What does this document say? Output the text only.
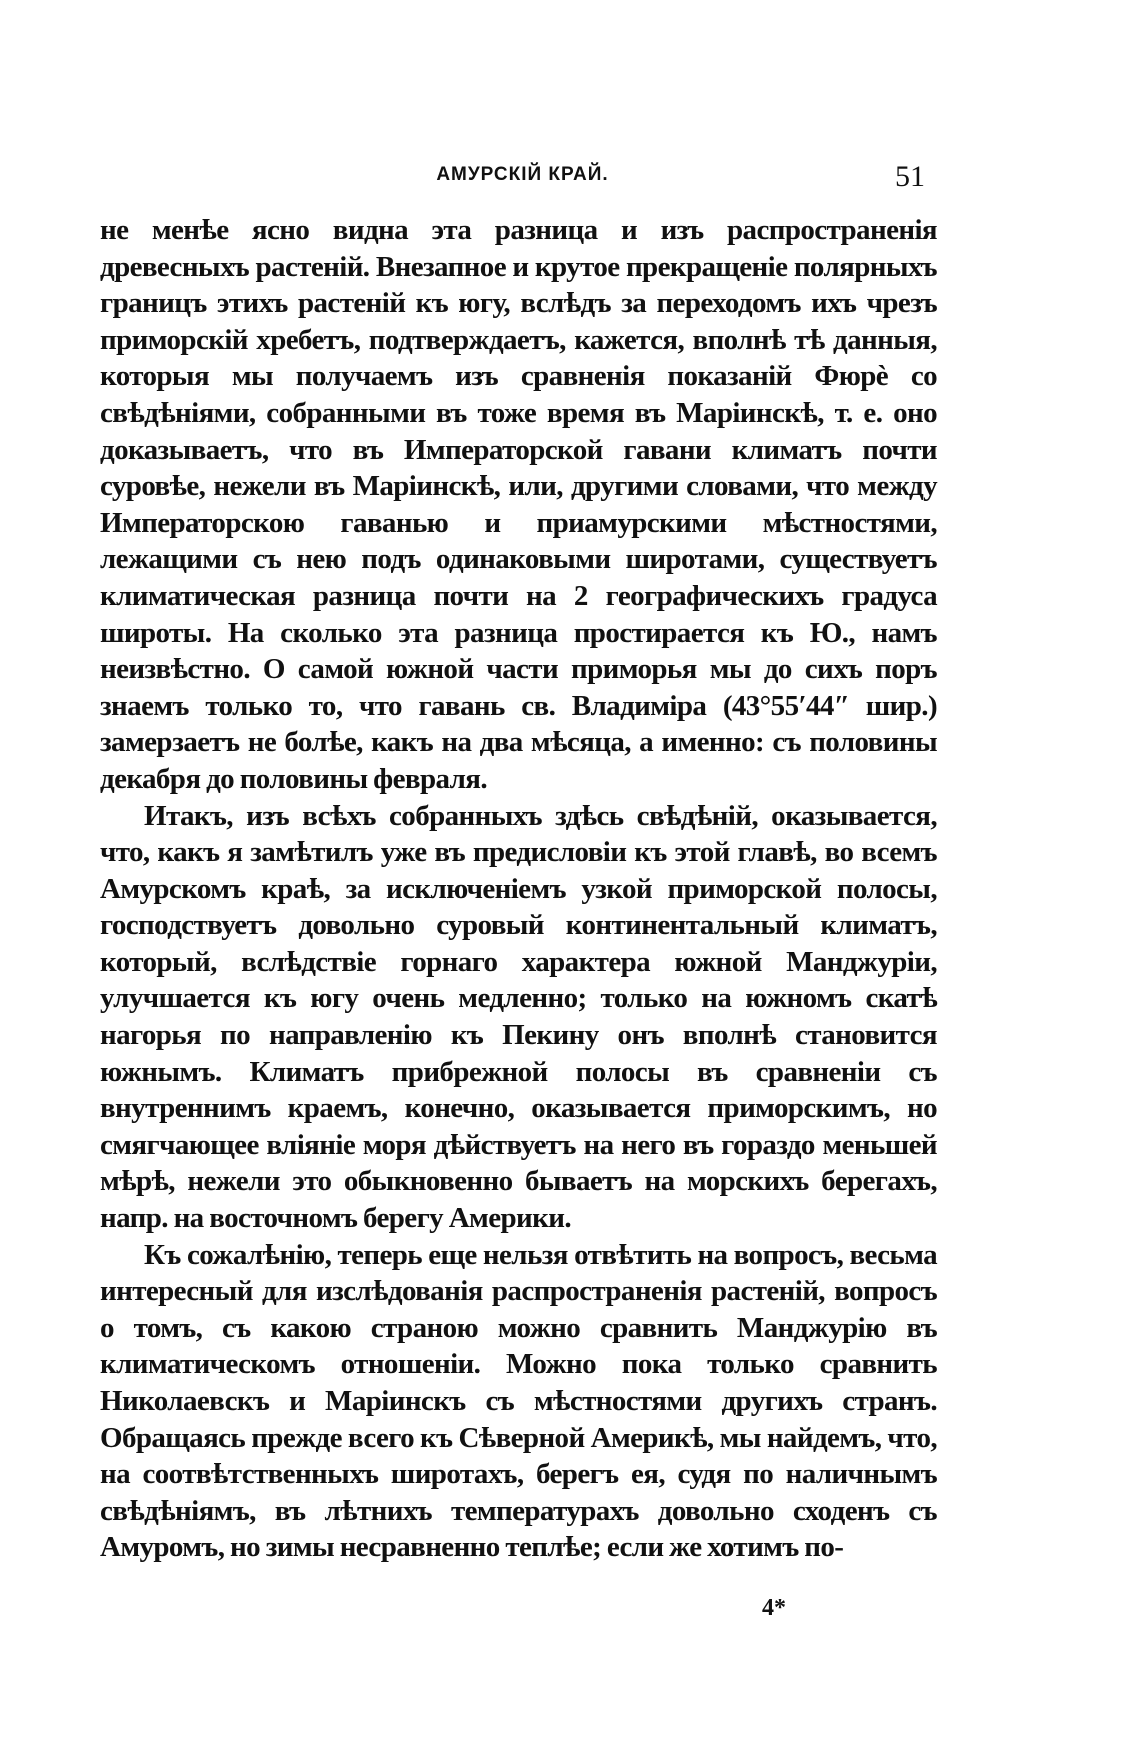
АМУРСКІЙ КРАЙ.	51

не менѣе ясно видна эта разница и изъ распространенія древесныхъ растеній. Внезапное и крутое прекращеніе полярныхъ границъ этихъ растеній къ югу, вслѣдъ за переходомъ ихъ чрезъ приморскій хребетъ, подтверждаетъ, кажется, вполнѣ тѣ данныя, которыя мы получаемъ изъ сравненія показаній Фюрè со свѣдѣніями, собранными въ тоже время въ Маріинскѣ, т. е. оно доказываетъ, что въ Императорской гавани климатъ почти суровѣе, нежели въ Маріинскѣ, или, другими словами, что между Императорскою гаванью и приамурскими мѣстностями, лежащими съ нею подъ одинаковыми широтами, существуетъ климатическая разница почти на 2 географическихъ градуса широты. На сколько эта разница простирается къ Ю., намъ неизвѣстно. О самой южной части приморья мы до сихъ поръ знаемъ только то, что гавань св. Владиміра (43°55′44″ шир.) замерзаетъ не болѣе, какъ на два мѣсяца, а именно: съ половины декабря до половины февраля.

Итакъ, изъ всѣхъ собранныхъ здѣсь свѣдѣній, оказывается, что, какъ я замѣтилъ уже въ предисловіи къ этой главѣ, во всемъ Амурскомъ краѣ, за исключеніемъ узкой приморской полосы, господствуетъ довольно суровый континентальный климатъ, который, вслѣдствіе горнаго характера южной Манджуріи, улучшается къ югу очень медленно; только на южномъ скатѣ нагорья по направленію къ Пекину онъ вполнѣ становится южнымъ. Климатъ прибрежной полосы въ сравненіи съ внутреннимъ краемъ, конечно, оказывается приморскимъ, но смягчающее вліяніе моря дѣйствуетъ на него въ гораздо меньшей мѣрѣ, нежели это обыкновенно бываетъ на морскихъ берегахъ, напр. на восточномъ берегу Америки.

Къ сожалѣнію, теперь еще нельзя отвѣтить на вопросъ, весьма интересный для изслѣдованія распространенія растеній, вопросъ о томъ, съ какою страною можно сравнить Манджурію въ климатическомъ отношеніи. Можно пока только сравнить Николаевскъ и Маріинскъ съ мѣстностями другихъ странъ. Обращаясь прежде всего къ Сѣверной Америкѣ, мы найдемъ, что, на соотвѣтственныхъ широтахъ, берегъ ея, судя по наличнымъ свѣдѣніямъ, въ лѣтнихъ температурахъ довольно сходенъ съ Амуромъ, но зимы несравненно теплѣе; если же хотимъ по-

4*
